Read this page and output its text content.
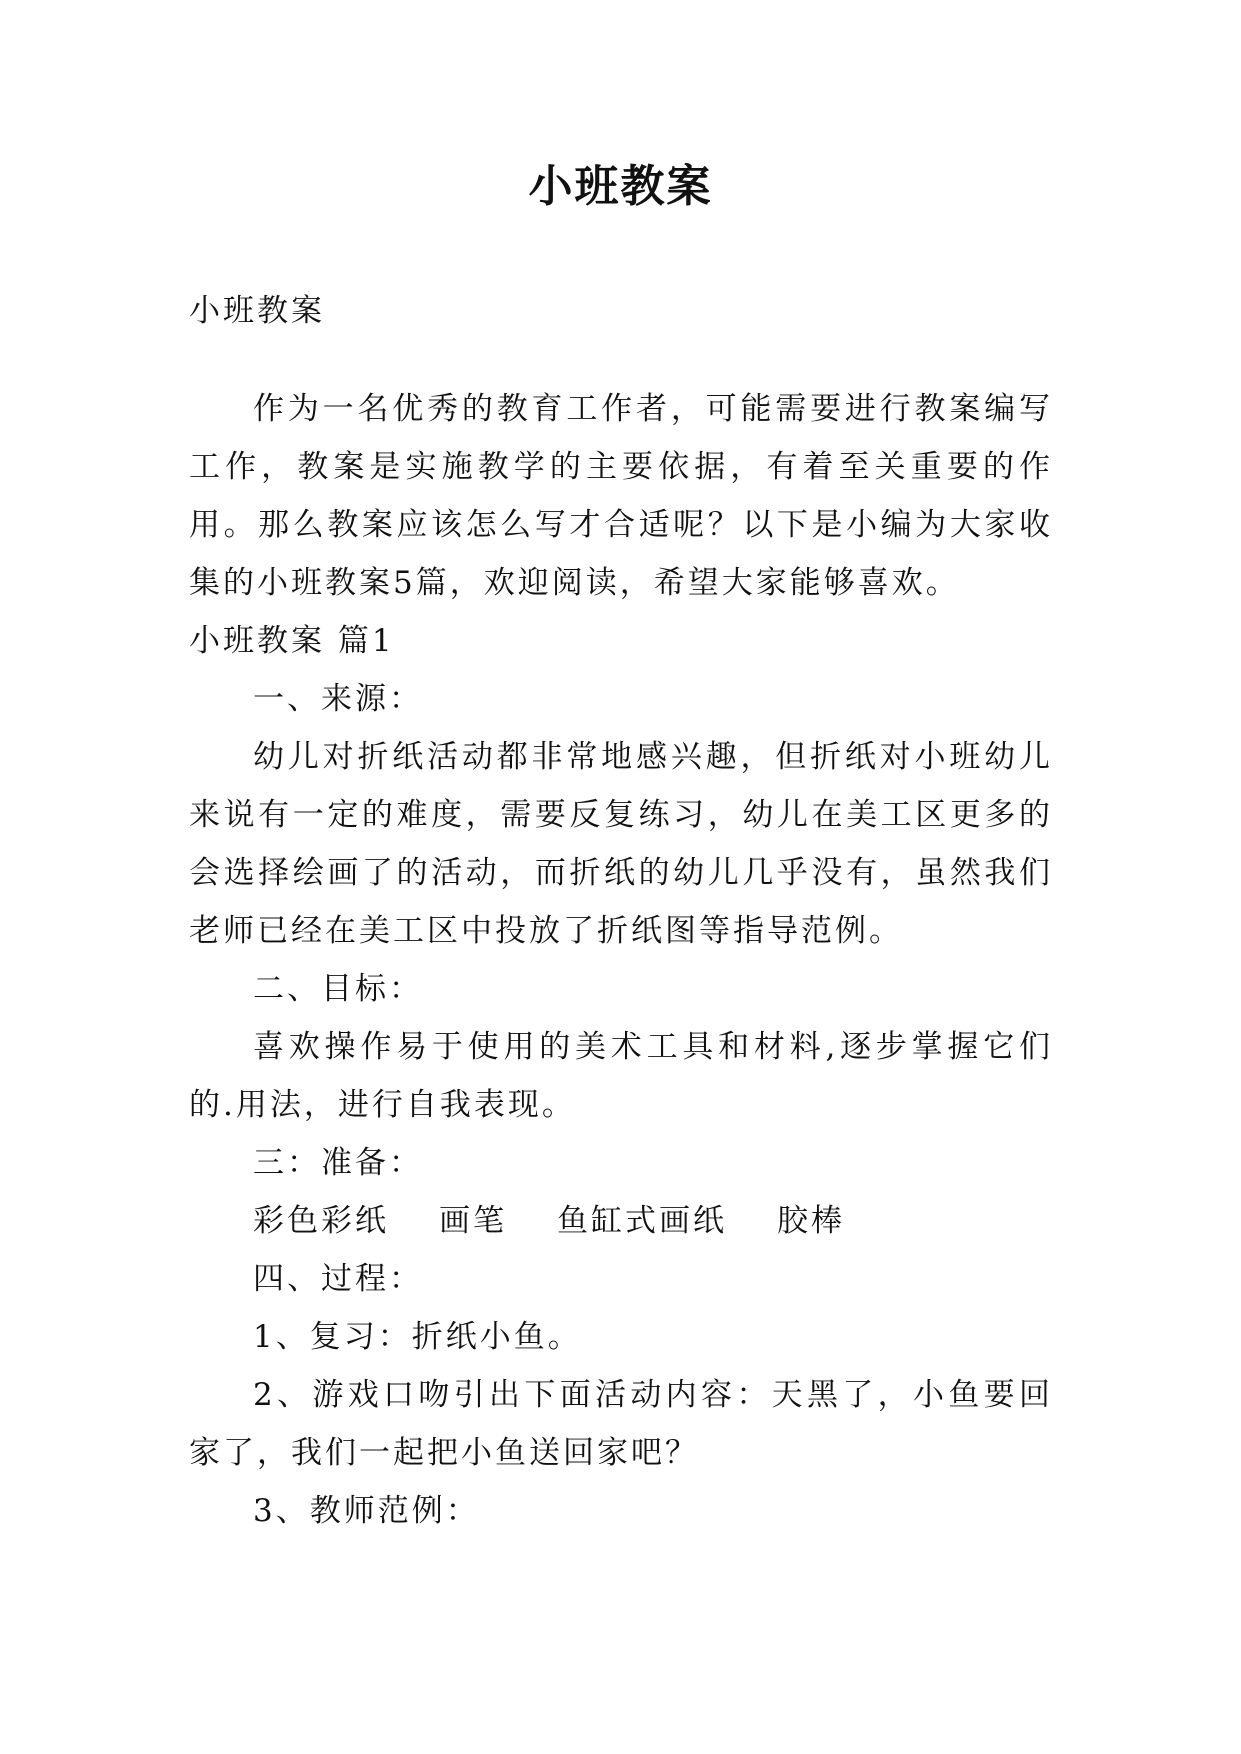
小班教案

小班教案

作为一名优秀的教育工作者，可能需要进行教案编写工作，教案是实施教学的主要依据，有着至关重要的作用。那么教案应该怎么写才合适呢？以下是小编为大家收集的小班教案5篇，欢迎阅读，希望大家能够喜欢。

小班教案 篇1

一、来源：

幼儿对折纸活动都非常地感兴趣，但折纸对小班幼儿来说有一定的难度，需要反复练习，幼儿在美工区更多的会选择绘画了的活动，而折纸的幼儿几乎没有，虽然我们老师已经在美工区中投放了折纸图等指导范例。

二、目标：

喜欢操作易于使用的美术工具和材料,逐步掌握它们的.用法，进行自我表现。

三：准备：

彩色彩纸 画笔 鱼缸式画纸 胶棒

四、过程：

1、复习：折纸小鱼。

2、游戏口吻引出下面活动内容：天黑了，小鱼要回家了，我们一起把小鱼送回家吧？

3、教师范例：
